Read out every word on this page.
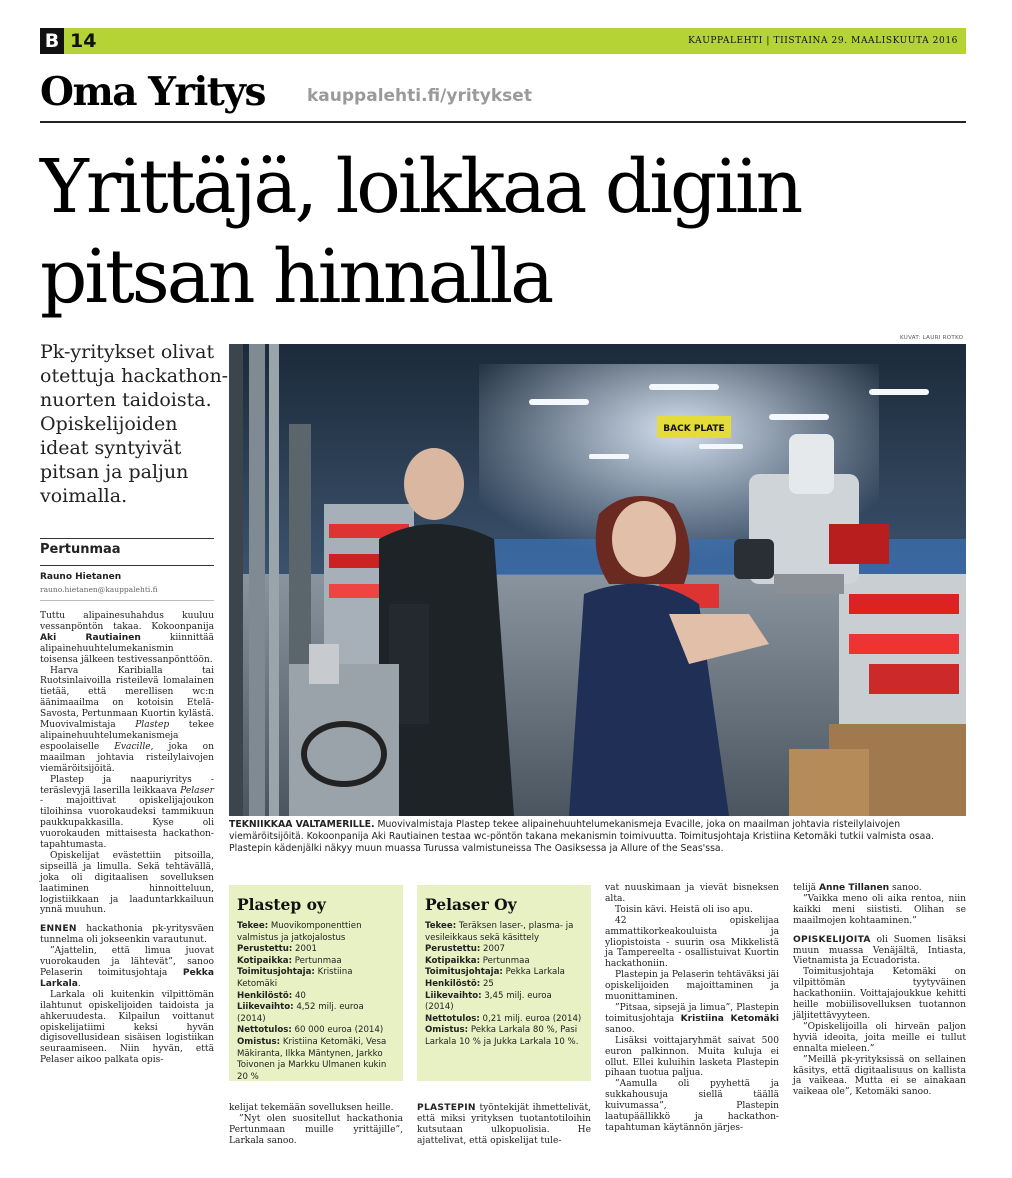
B 14	KAUPPALEHTI | TIISTAINA 29. MAALISKUUTA 2016
Oma Yritys kauppalehti.fi/yritykset
Yrittäjä, loikkaa digiin
pitsan hinnalla

Pk-yritykset olivat
otettuja hackathon-
nuorten taidoista.
Opiskelijoiden
ideat syntyivät
pitsan ja paljun
voimalla.

Pertunmaa
Rauno Hietanen
rauno.hietanen@kauppalehti.fi
KUVAT: LAURI ROTKO
BACK PLATE

TEKNIIKKAA VALTAMERILLE. Muovivalmistaja Plastep tekee alipainehuuhtelumekanismeja Evacille, joka on maailman johtavia risteilylaivojen viemäröitsijöitä. Kokoonpanija Aki Rautiainen testaa wc-pöntön takana mekanismin toimivuutta. Toimitusjohtaja Kristiina Ketomäki tutkii valmista osaa. Plastepin kädenjälki näkyy muun muassa Turussa valmistuneissa The Oasiksessa ja Allure of the Seas'ssa.

Tuttu alipainesuhahdus kuuluu vessanpöntön takaa. Kokoonpanija Aki Rautiainen kiinnittää alipainehuuhtelumekanismin toisensa jälkeen testivessanpönttöön.

Harva Karibialla tai Ruotsinlaivoilla risteilevä lomalainen tietää, että merellisen wc:n äänimaailma on kotoisin Etelä-Savosta, Pertunmaan Kuortin kylästä. Muovivalmistaja Plastep tekee alipainehuuhtelumekanismeja espoolaiselle Evacille, joka on maailman johtavia risteilylaivojen viemäröitsijöitä.

Plastep ja naapuriyritys - teräslevyjä laserilla leikkaava Pelaser - majoittivat opiskelijajoukon tiloihinsa vuorokaudeksi tammikuun paukkupakkasilla. Kyse oli vuorokauden mittaisesta hackathon-tapahtumasta.

Opiskelijat evästettiin pitsoilla, sipseillä ja limulla. Sekä tehtävällä, joka oli digitaalisen sovelluksen laatiminen hinnoitteluun, logistiikkaan ja laaduntarkkailuun ynnä muuhun.

ENNEN hackathonia pk-yritysväen tunnelma oli jokseenkin varautunut.

”Ajattelin, että limua juovat vuorokauden ja lähtevät”, sanoo Pelaserin toimitusjohtaja Pekka Larkala.

Larkala oli kuitenkin vilpittömän ilahtunut opiskelijoiden taidoista ja ahkeruudesta. Kilpailun voittanut opiskelijatiimi keksi hyvän digisovellusidean sisäisen logistiikan seuraamiseen. Niin hyvän, että Pelaser aikoo palkata opis-

Plastep oy
Tekee: Muovikomponenttien valmistus ja jatkojalostus
Perustettu: 2001
Kotipaikka: Pertunmaa
Toimitusjohtaja: Kristiina Ketomäki
Henkilöstö: 40
Liikevaihto: 4,52 milj. euroa (2014)
Nettotulos: 60 000 euroa (2014)
Omistus: Kristiina Ketomäki, Vesa Mäkiranta, Ilkka Mäntynen, Jarkko Toivonen ja Markku Ulmanen kukin 20 %
Pelaser Oy
Tekee: Teräksen laser-, plasma- ja vesileikkaus sekä käsittely
Perustettu: 2007
Kotipaikka: Pertunmaa
Toimitusjohtaja: Pekka Larkala
Henkilöstö: 25
Liikevaihto: 3,45 milj. euroa (2014)
Nettotulos: 0,21 milj. euroa (2014)
Omistus: Pekka Larkala 80 %, Pasi Larkala 10 % ja Jukka Larkala 10 %.

kelijat tekemään sovelluksen heille.

”Nyt olen suositellut hackathonia Pertunmaan muille yrittäjille”, Larkala sanoo.

PLASTEPIN työntekijät ihmettelivät, että miksi yrityksen tuotantotiloihin kutsutaan ulkopuolisia. He ajattelivat, että opiskelijat tule-

vat nuuskimaan ja vievät bisneksen alta.

Toisin kävi. Heistä oli iso apu.

42 opiskelijaa ammattikorkeakouluista ja yliopistoista - suurin osa Mikkelistä ja Tampereelta - osallistuivat Kuortin hackathoniin.

Plastepin ja Pelaserin tehtäväksi jäi opiskelijoiden majoittaminen ja muonittaminen.

”Pitsaa, sipsejä ja limua”, Plastepin toimitusjohtaja Kristiina Ketomäki sanoo.

Lisäksi voittajaryhmät saivat 500 euron palkinnon. Muita kuluja ei ollut. Ellei kuluihin lasketa Plastepin pihaan tuotua paljua.

”Aamulla oli pyyhettä ja sukkahousuja siellä täällä kuivumassa”, Plastepin laatupäällikkö ja hackathon-tapahtuman käytännön järjes-

telijä Anne Tillanen sanoo.

”Vaikka meno oli aika rentoa, niin kaikki meni siististi. Olihan se maailmojen kohtaaminen.”

OPISKELIJOITA oli Suomen lisäksi muun muassa Venäjältä, Intiasta, Vietnamista ja Ecuadorista.

Toimitusjohtaja Ketomäki on vilpittömän tyytyväinen hackathoniin. Voittajajoukkue kehitti heille mobiilisovelluksen tuotannon jäljitettävyyteen.

”Opiskelijoilla oli hirveän paljon hyviä ideoita, joita meille ei tullut ennalta mieleen.”

”Meillä pk-yrityksissä on sellainen käsitys, että digitaalisuus on kallista ja vaikeaa. Mutta ei se ainakaan vaikeaa ole”, Ketomäki sanoo.
